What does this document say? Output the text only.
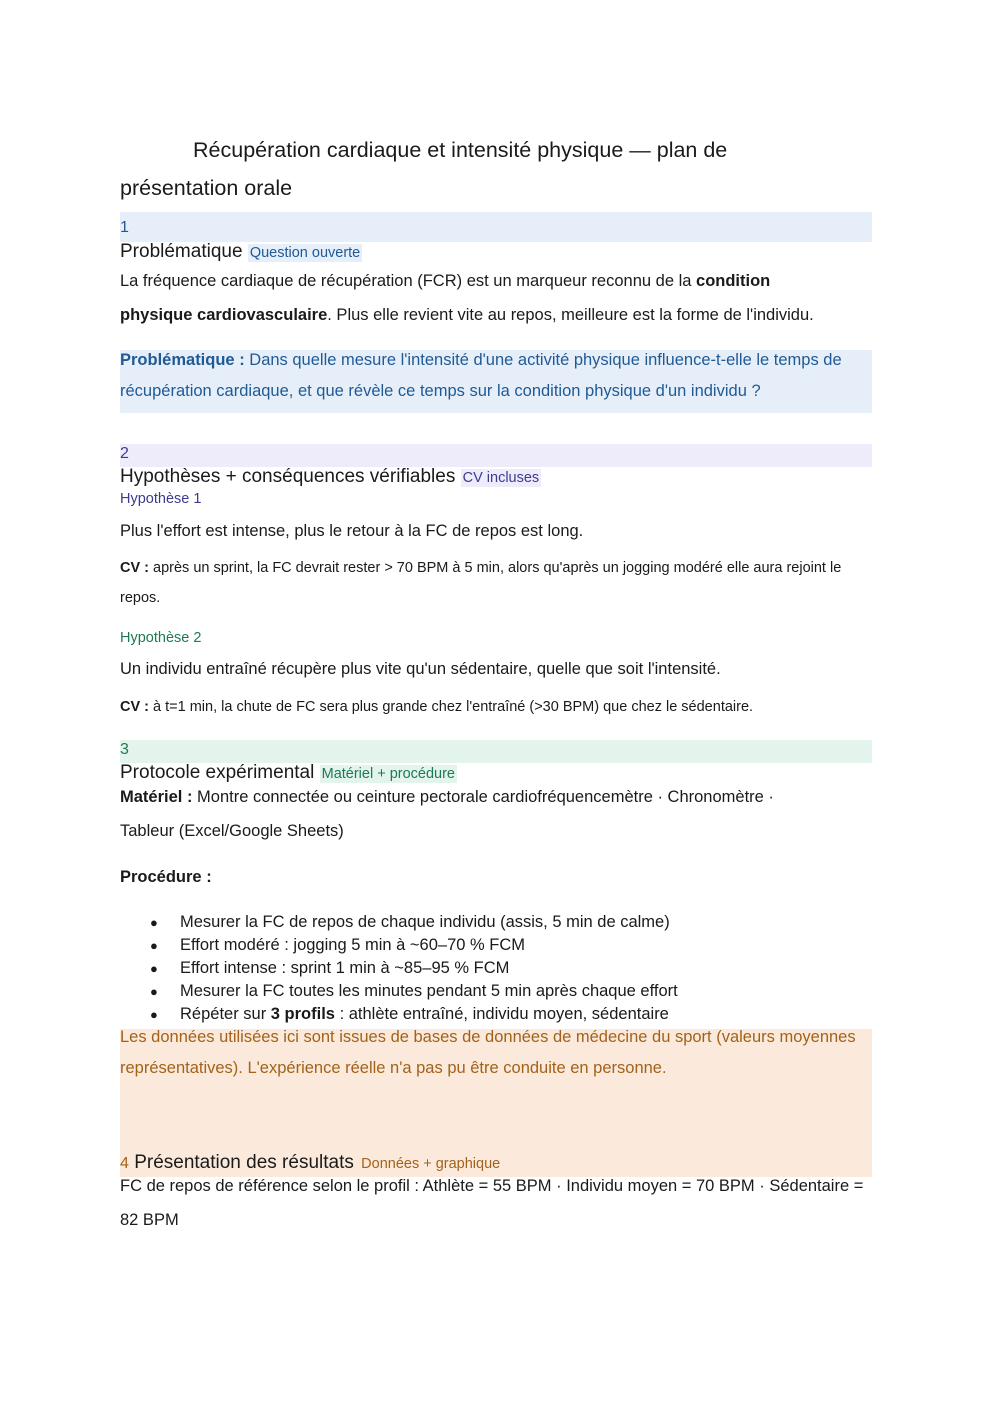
Récupération cardiaque et intensité physique — plan de
présentation orale
1
Problématique Question ouverte
La fréquence cardiaque de récupération (FCR) est un marqueur reconnu de la condition
physique cardiovasculaire. Plus elle revient vite au repos, meilleure est la forme de l'individu.
Problématique : Dans quelle mesure l'intensité d'une activité physique influence-t-elle le temps de
récupération cardiaque, et que révèle ce temps sur la condition physique d'un individu ?
2
Hypothèses + conséquences vérifiables CV incluses
Hypothèse 1
Plus l'effort est intense, plus le retour à la FC de repos est long.
CV : après un sprint, la FC devrait rester > 70 BPM à 5 min, alors qu'après un jogging modéré elle aura rejoint le
repos.
Hypothèse 2
Un individu entraîné récupère plus vite qu'un sédentaire, quelle que soit l'intensité.
CV : à t=1 min, la chute de FC sera plus grande chez l'entraîné (>30 BPM) que chez le sédentaire.
3
Protocole expérimental Matériel + procédure
Matériel : Montre connectée ou ceinture pectorale cardiofréquencemètre · Chronomètre ·
Tableur (Excel/Google Sheets)
Procédure :
● Mesurer la FC de repos de chaque individu (assis, 5 min de calme)
● Effort modéré : jogging 5 min à ~60–70 % FCM
● Effort intense : sprint 1 min à ~85–95 % FCM
● Mesurer la FC toutes les minutes pendant 5 min après chaque effort
● Répéter sur 3 profils : athlète entraîné, individu moyen, sédentaire
Les données utilisées ici sont issues de bases de données de médecine du sport (valeurs moyennes
représentatives). L'expérience réelle n'a pas pu être conduite en personne.
4 Présentation des résultats Données + graphique
FC de repos de référence selon le profil : Athlète = 55 BPM · Individu moyen = 70 BPM · Sédentaire =
82 BPM
